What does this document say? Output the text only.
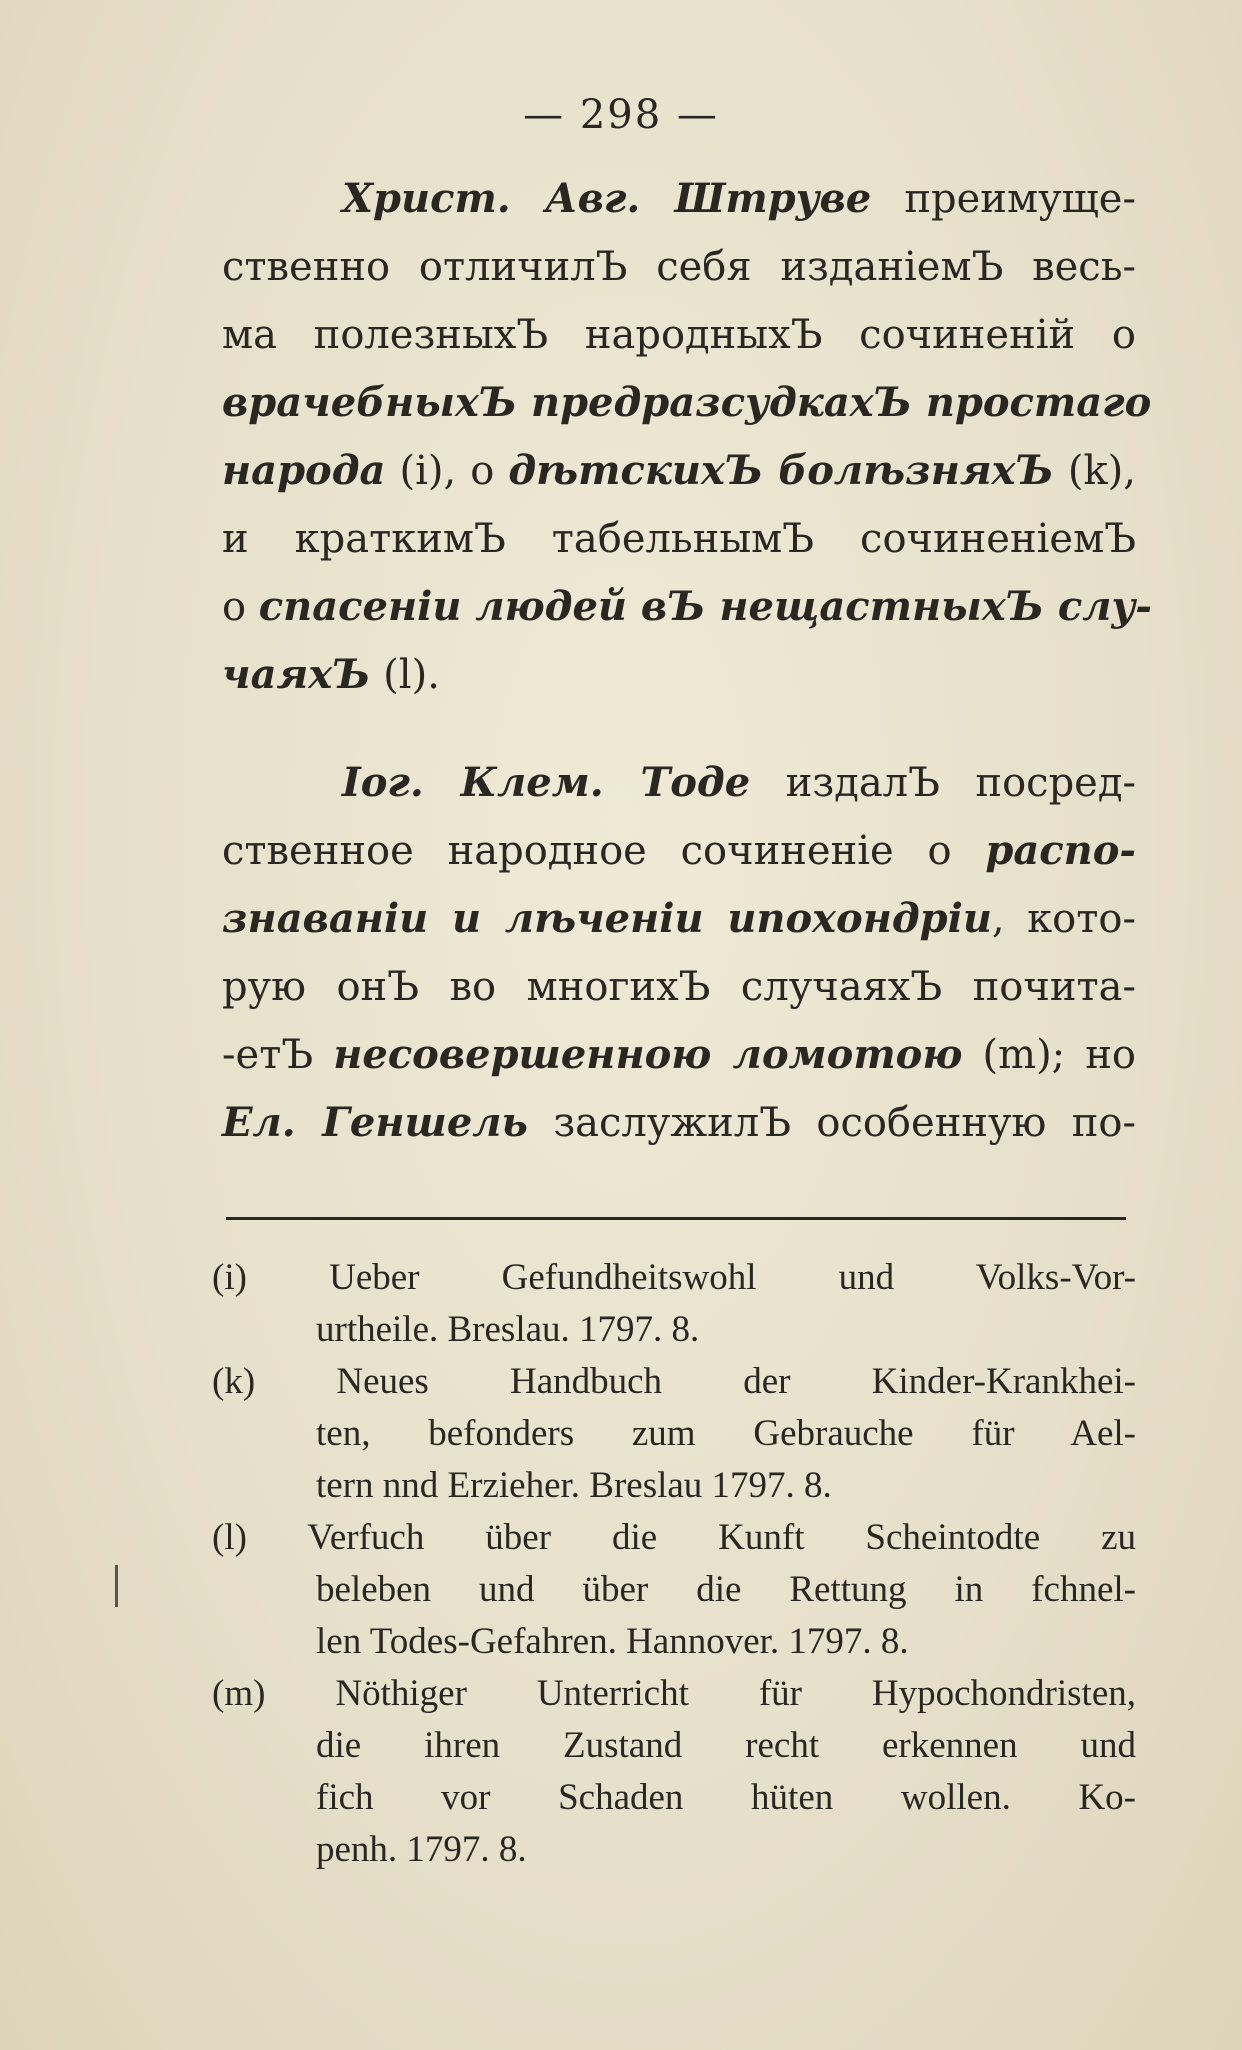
— 298 —

Христ. Авг. Штруве преимуще-
ственно отличилЪ себя изданіемЪ весь-
ма полезныхЪ народныхЪ сочиненій о
врачебныхЪ предразсудкахЪ простаго
народа (i), о дѣтскихЪ болѣзняхЪ (k),
и краткимЪ табельнымЪ сочиненіемЪ
о спасеніи людей вЪ нещастныхЪ слу-
чаяхЪ (l).

Іог. Клем. Тоде издалЪ посред-
ственное народное сочиненіе о распо-
знаваніи и лѣченіи ипохондріи, кото-
рую онЪ во многихЪ случаяхЪ почита-
-етЪ несовершенною ломотою (m); но
Ел. Геншель заслужилЪ особенную по-

(i) Ueber Gefundheitswohl und Volks-Vor-
urtheile. Breslau. 1797. 8.
(k) Neues Handbuch der Kinder-Krankhei-
ten, befonders zum Gebrauche für Ael-
tern nnd Erzieher. Breslau 1797. 8.
(l) Verfuch über die Kunft Scheintodte zu
beleben und über die Rettung in fchnel-
len Todes-Gefahren. Hannover. 1797. 8.
(m) Nöthiger Unterricht für Hypochondristen,
die ihren Zustand recht erkennen und
fich vor Schaden hüten wollen. Ko-
penh. 1797. 8.
